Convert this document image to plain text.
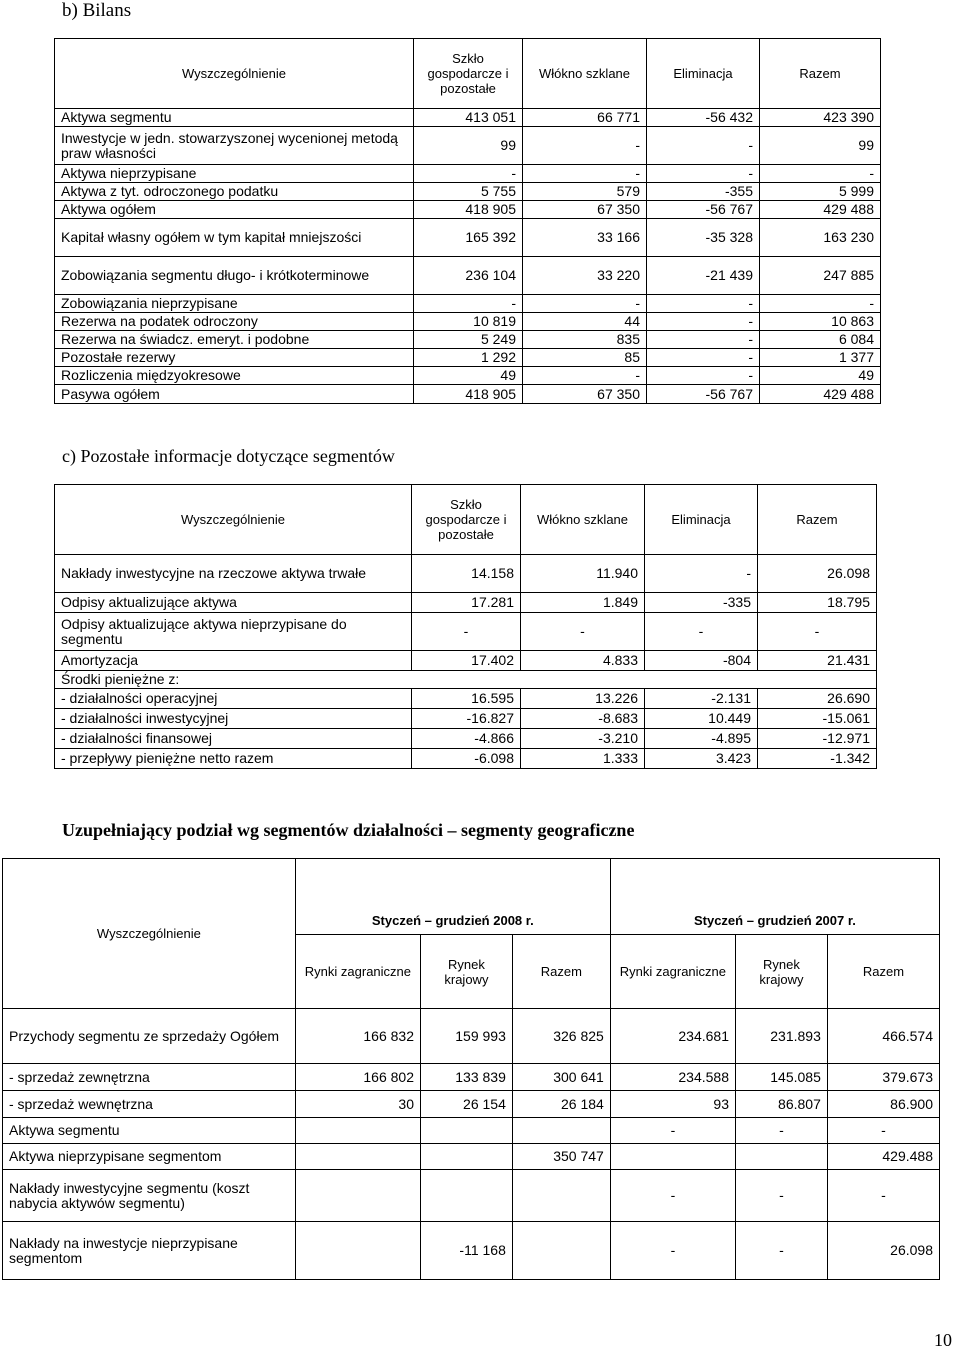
b) Bilans
Wyszczególnienie	Szkło gospodarcze i pozostałe	Włókno szklane	Eliminacja	Razem
Aktywa segmentu	413 051	66 771	-56 432	423 390
Inwestycje w jedn. stowarzyszonej wycenionej metodą praw własności	99	-	-	99
Aktywa nieprzypisane	-	-	-	-
Aktywa z tyt. odroczonego podatku	5 755	579	-355	5 999
Aktywa ogółem	418 905	67 350	-56 767	429 488
Kapitał własny ogółem w tym kapitał mniejszości	165 392	33 166	-35 328	163 230
Zobowiązania segmentu długo- i krótkoterminowe	236 104	33 220	-21 439	247 885
Zobowiązania nieprzypisane	-	-	-	-
Rezerwa na podatek odroczony	10 819	44	-	10 863
Rezerwa na świadcz. emeryt. i podobne	5 249	835	-	6 084
Pozostałe rezerwy	1 292	85	-	1 377
Rozliczenia międzyokresowe	49	-	-	49
Pasywa ogółem	418 905	67 350	-56 767	429 488
c) Pozostałe informacje dotyczące segmentów
Wyszczególnienie	Szkło gospodarcze i pozostałe	Włókno szklane	Eliminacja	Razem
Nakłady inwestycyjne na rzeczowe aktywa trwałe	14.158	11.940	-	26.098
Odpisy aktualizujące aktywa	17.281	1.849	-335	18.795
Odpisy aktualizujące aktywa nieprzypisane do segmentu	-	-	-	-
Amortyzacja	17.402	4.833	-804	21.431
Środki pieniężne z:				
- działalności operacyjnej	16.595	13.226	-2.131	26.690
- działalności inwestycyjnej	-16.827	-8.683	10.449	-15.061
- działalności finansowej	-4.866	-3.210	-4.895	-12.971
- przepływy pieniężne netto razem	-6.098	1.333	3.423	-1.342
Uzupełniający podział wg segmentów działalności – segmenty geograficzne
Wyszczególnienie	Styczeń – grudzień 2008 r.			Styczeń – grudzień 2007 r.		
	Rynki zagraniczne	Rynek krajowy	Razem	Rynki zagraniczne	Rynek krajowy	Razem
Przychody segmentu ze sprzedaży Ogółem	166 832	159 993	326 825	234.681	231.893	466.574
- sprzedaż zewnętrzna	166 802	133 839	300 641	234.588	145.085	379.673
- sprzedaż wewnętrzna	30	26 154	26 184	93	86.807	86.900
Aktywa segmentu				-	-	-
Aktywa nieprzypisane segmentom			350 747			429.488
Nakłady inwestycyjne segmentu (koszt nabycia aktywów segmentu)				-	-	-
Nakłady na inwestycje nieprzypisane segmentom		-11 168		-	-	26.098
10
